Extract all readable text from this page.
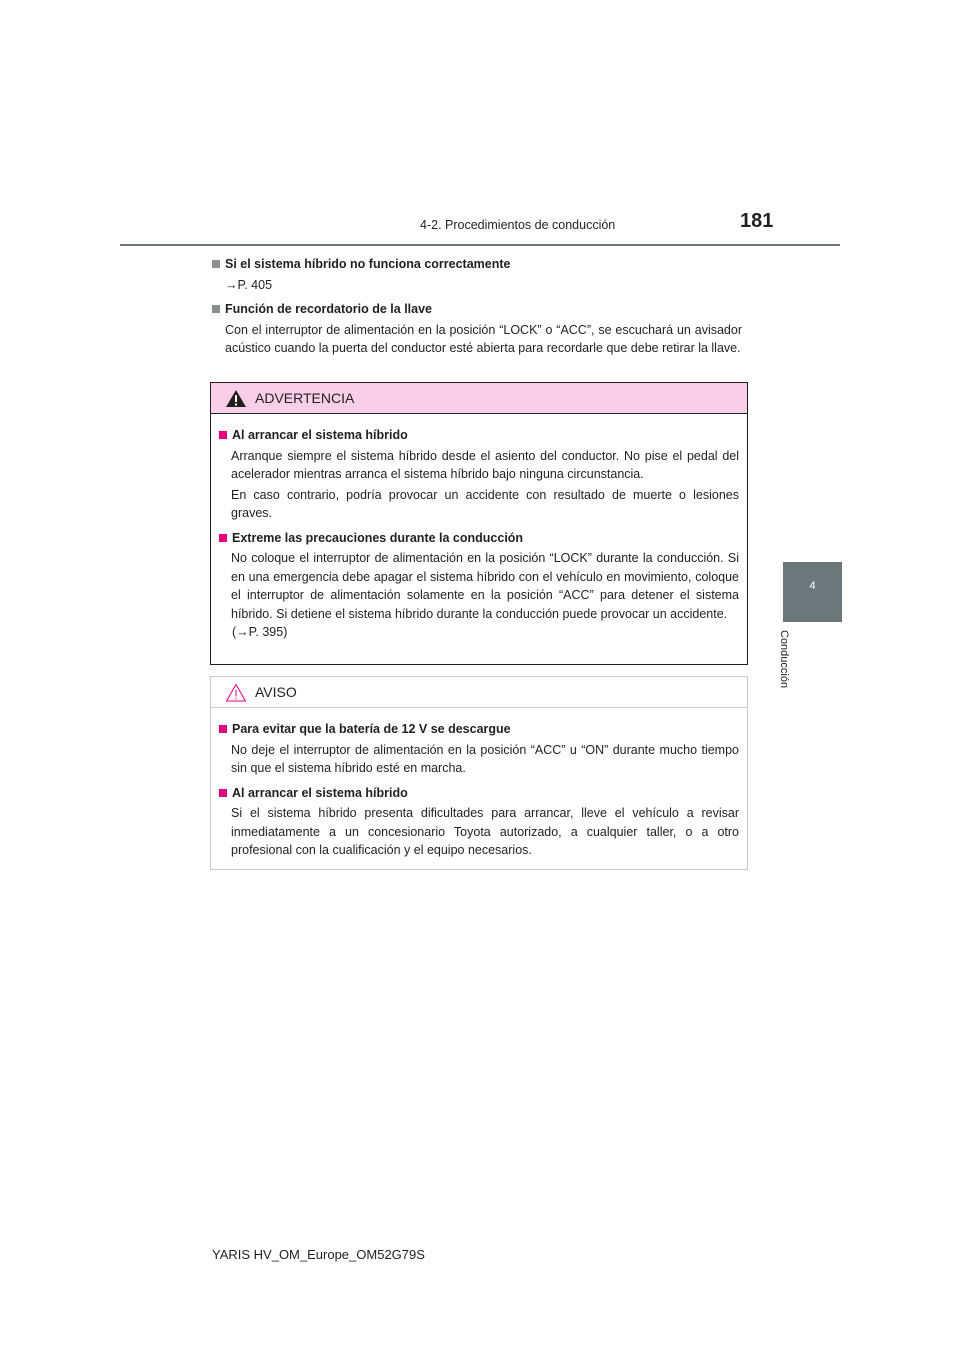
4-2. Procedimientos de conducción	181
4
Conducción

Si el sistema híbrido no funciona correctamente

→P. 405

Función de recordatorio de la llave

Con el interruptor de alimentación en la posición “LOCK” o “ACC”, se escuchará un avisador acústico cuando la puerta del conductor esté abierta para recordarle que debe retirar la llave.

ADVERTENCIA

Al arrancar el sistema híbrido

Arranque siempre el sistema híbrido desde el asiento del conductor. No pise el pedal del acelerador mientras arranca el sistema híbrido bajo ninguna circunstancia.

En caso contrario, podría provocar un accidente con resultado de muerte o lesiones graves.

Extreme las precauciones durante la conducción

No coloque el interruptor de alimentación en la posición “LOCK” durante la conducción. Si en una emergencia debe apagar el sistema híbrido con el vehículo en movimiento, coloque el interruptor de alimentación solamente en la posición “ACC” para detener el sistema híbrido. Si detiene el sistema híbrido durante la conducción puede provocar un accidente.

(→P. 395)

AVISO

Para evitar que la batería de 12 V se descargue

No deje el interruptor de alimentación en la posición “ACC” u “ON” durante mucho tiempo sin que el sistema híbrido esté en marcha.

Al arrancar el sistema híbrido

Si el sistema híbrido presenta dificultades para arrancar, lleve el vehículo a revisar inmediatamente a un concesionario Toyota autorizado, a cualquier taller, o a otro profesional con la cualificación y el equipo necesarios.

YARIS HV_OM_Europe_OM52G79S
